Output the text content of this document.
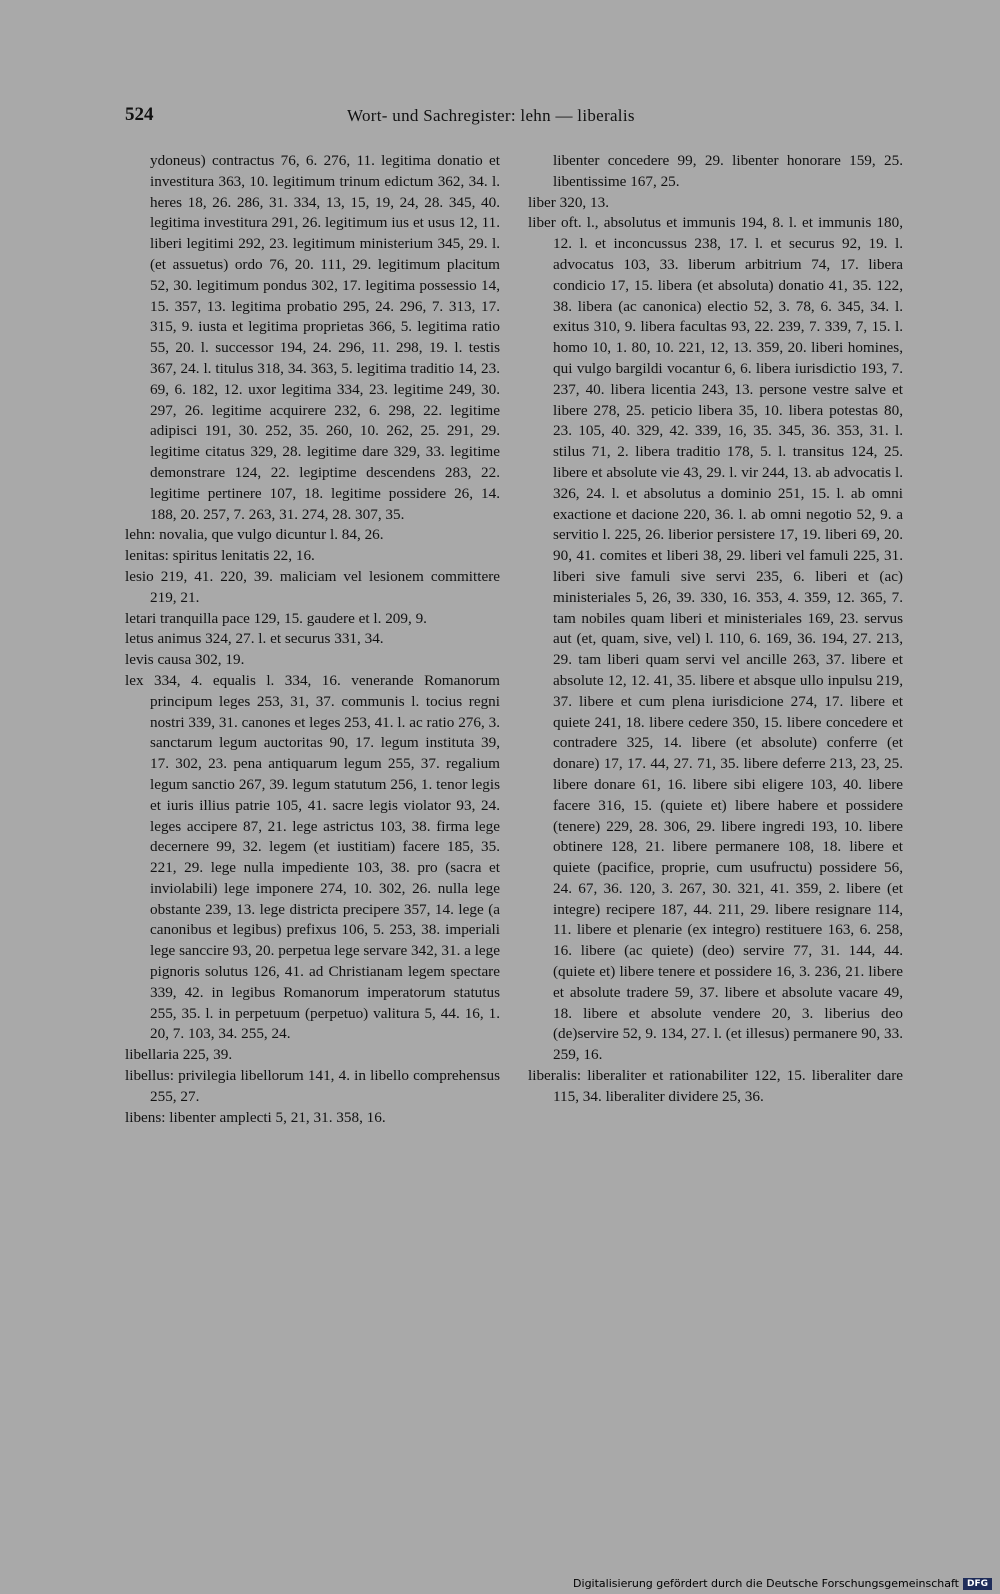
524	Wort- und Sachregister: lehn — liberalis

ydoneus) contractus 76, 6. 276, 11. legitima donatio et investitura 363, 10. legitimum trinum edictum 362, 34. l. heres 18, 26. 286, 31. 334, 13, 15, 19, 24, 28. 345, 40. legitima investitura 291, 26. legitimum ius et usus 12, 11. liberi legitimi 292, 23. legitimum ministerium 345, 29. l. (et assuetus) ordo 76, 20. 111, 29. legitimum placitum 52, 30. legitimum pondus 302, 17. legitima possessio 14, 15. 357, 13. legitima probatio 295, 24. 296, 7. 313, 17. 315, 9. iusta et legitima proprietas 366, 5. legitima ratio 55, 20. l. successor 194, 24. 296, 11. 298, 19. l. testis 367, 24. l. titulus 318, 34. 363, 5. legitima traditio 14, 23. 69, 6. 182, 12. uxor legitima 334, 23. legitime 249, 30. 297, 26. legitime acquirere 232, 6. 298, 22. legitime adipisci 191, 30. 252, 35. 260, 10. 262, 25. 291, 29. legitime citatus 329, 28. legitime dare 329, 33. legitime demonstrare 124, 22. legiptime descendens 283, 22. legitime pertinere 107, 18. legitime possidere 26, 14. 188, 20. 257, 7. 263, 31. 274, 28. 307, 35.

lehn: novalia, que vulgo dicuntur l. 84, 26.

lenitas: spiritus lenitatis 22, 16.

lesio 219, 41. 220, 39. maliciam vel lesionem committere 219, 21.

letari tranquilla pace 129, 15. gaudere et l. 209, 9.

letus animus 324, 27. l. et securus 331, 34.

levis causa 302, 19.

lex 334, 4. equalis l. 334, 16. venerande Romanorum principum leges 253, 31, 37. communis l. tocius regni nostri 339, 31. canones et leges 253, 41. l. ac ratio 276, 3. sanctarum legum auctoritas 90, 17. legum instituta 39, 17. 302, 23. pena antiquarum legum 255, 37. regalium legum sanctio 267, 39. legum statutum 256, 1. tenor legis et iuris illius patrie 105, 41. sacre legis violator 93, 24. leges accipere 87, 21. lege astrictus 103, 38. firma lege decernere 99, 32. legem (et iustitiam) facere 185, 35. 221, 29. lege nulla impediente 103, 38. pro (sacra et inviolabili) lege imponere 274, 10. 302, 26. nulla lege obstante 239, 13. lege districta precipere 357, 14. lege (a canonibus et legibus) prefixus 106, 5. 253, 38. imperiali lege sanccire 93, 20. perpetua lege servare 342, 31. a lege pignoris solutus 126, 41. ad Christianam legem spectare 339, 42. in legibus Romanorum imperatorum statutus 255, 35. l. in perpetuum (perpetuo) valitura 5, 44. 16, 1. 20, 7. 103, 34. 255, 24.

libellaria 225, 39.

libellus: privilegia libellorum 141, 4. in libello comprehensus 255, 27.

libens: libenter amplecti 5, 21, 31. 358, 16.

libenter concedere 99, 29. libenter honorare 159, 25. libentissime 167, 25.

liber 320, 13.

liber oft. l., absolutus et immunis 194, 8. l. et immunis 180, 12. l. et inconcussus 238, 17. l. et securus 92, 19. l. advocatus 103, 33. liberum arbitrium 74, 17. libera condicio 17, 15. libera (et absoluta) donatio 41, 35. 122, 38. libera (ac canonica) electio 52, 3. 78, 6. 345, 34. l. exitus 310, 9. libera facultas 93, 22. 239, 7. 339, 7, 15. l. homo 10, 1. 80, 10. 221, 12, 13. 359, 20. liberi homines, qui vulgo bargildi vocantur 6, 6. libera iurisdictio 193, 7. 237, 40. libera licentia 243, 13. persone vestre salve et libere 278, 25. peticio libera 35, 10. libera potestas 80, 23. 105, 40. 329, 42. 339, 16, 35. 345, 36. 353, 31. l. stilus 71, 2. libera traditio 178, 5. l. transitus 124, 25. libere et absolute vie 43, 29. l. vir 244, 13. ab advocatis l. 326, 24. l. et absolutus a dominio 251, 15. l. ab omni exactione et dacione 220, 36. l. ab omni negotio 52, 9. a servitio l. 225, 26. liberior persistere 17, 19. liberi 69, 20. 90, 41. comites et liberi 38, 29. liberi vel famuli 225, 31. liberi sive famuli sive servi 235, 6. liberi et (ac) ministeriales 5, 26, 39. 330, 16. 353, 4. 359, 12. 365, 7. tam nobiles quam liberi et ministeriales 169, 23. servus aut (et, quam, sive, vel) l. 110, 6. 169, 36. 194, 27. 213, 29. tam liberi quam servi vel ancille 263, 37. libere et absolute 12, 12. 41, 35. libere et absque ullo inpulsu 219, 37. libere et cum plena iurisdicione 274, 17. libere et quiete 241, 18. libere cedere 350, 15. libere concedere et contradere 325, 14. libere (et absolute) conferre (et donare) 17, 17. 44, 27. 71, 35. libere deferre 213, 23, 25. libere donare 61, 16. libere sibi eligere 103, 40. libere facere 316, 15. (quiete et) libere habere et possidere (tenere) 229, 28. 306, 29. libere ingredi 193, 10. libere obtinere 128, 21. libere permanere 108, 18. libere et quiete (pacifice, proprie, cum usufructu) possidere 56, 24. 67, 36. 120, 3. 267, 30. 321, 41. 359, 2. libere (et integre) recipere 187, 44. 211, 29. libere resignare 114, 11. libere et plenarie (ex integro) restituere 163, 6. 258, 16. libere (ac quiete) (deo) servire 77, 31. 144, 44. (quiete et) libere tenere et possidere 16, 3. 236, 21. libere et absolute tradere 59, 37. libere et absolute vacare 49, 18. libere et absolute vendere 20, 3. liberius deo (de)servire 52, 9. 134, 27. l. (et illesus) permanere 90, 33. 259, 16.

liberalis: liberaliter et rationabiliter 122, 15. liberaliter dare 115, 34. liberaliter dividere 25, 36.

Digitalisierung gefördert durch die Deutsche Forschungsgemeinschaft DFG
